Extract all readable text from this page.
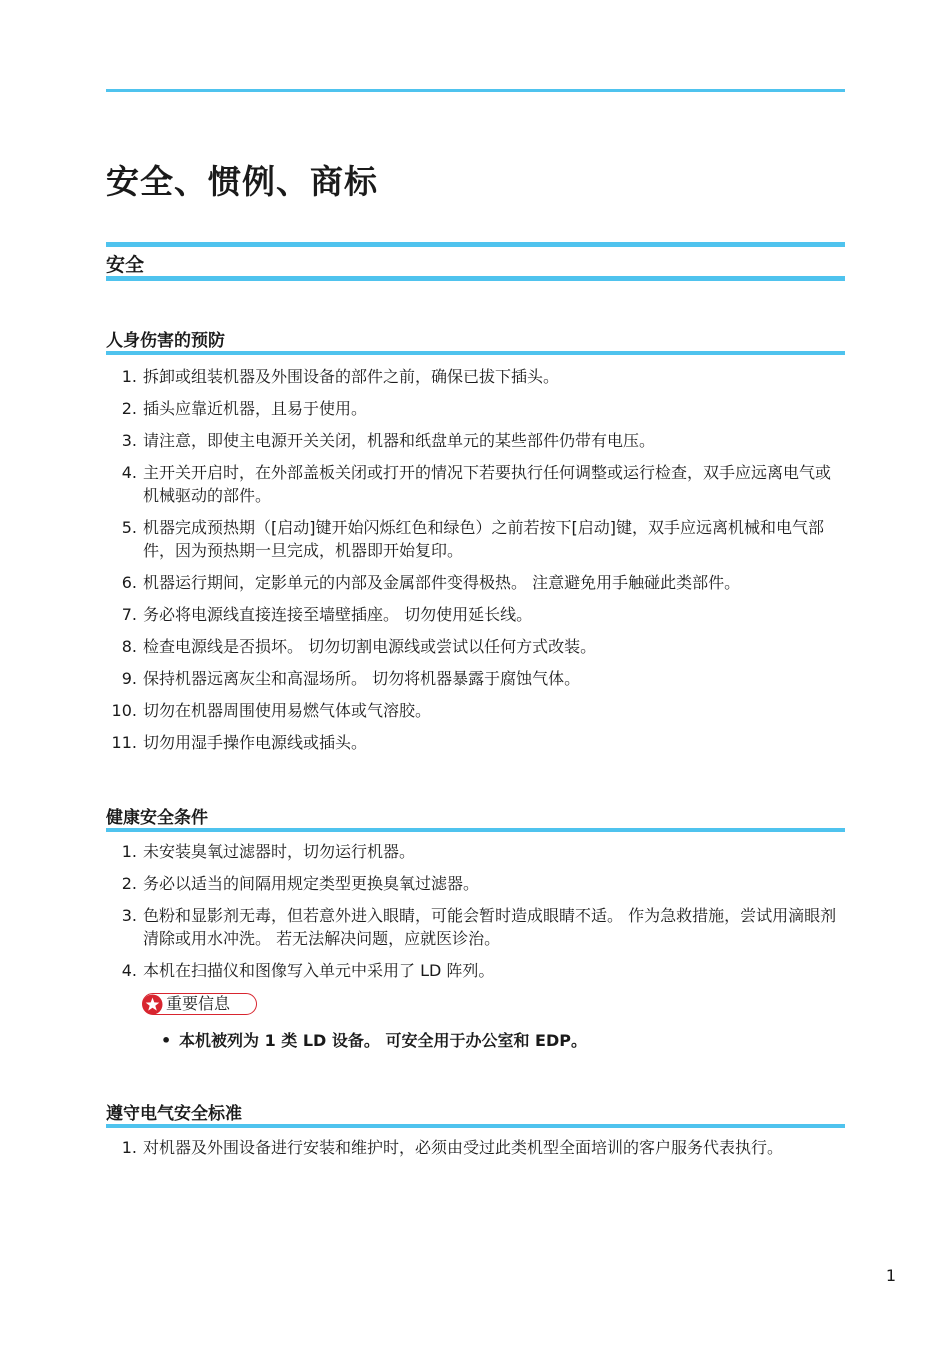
安全、惯例、商标
安全
人身伤害的预防
1. 拆卸或组装机器及外围设备的部件之前，确保已拔下插头。
2. 插头应靠近机器，且易于使用。
3. 请注意，即使主电源开关关闭，机器和纸盘单元的某些部件仍带有电压。
4. 主开关开启时，在外部盖板关闭或打开的情况下若要执行任何调整或运行检查，双手应远离电气或机械驱动的部件。
5. 机器完成预热期（[启动]键开始闪烁红色和绿色）之前若按下[启动]键，双手应远离机械和电气部件，因为预热期一旦完成，机器即开始复印。
6. 机器运行期间，定影单元的内部及金属部件变得极热。 注意避免用手触碰此类部件。
7. 务必将电源线直接连接至墙壁插座。 切勿使用延长线。
8. 检查电源线是否损坏。 切勿切割电源线或尝试以任何方式改装。
9. 保持机器远离灰尘和高湿场所。 切勿将机器暴露于腐蚀气体。
10. 切勿在机器周围使用易燃气体或气溶胶。
11. 切勿用湿手操作电源线或插头。
健康安全条件
1. 未安装臭氧过滤器时，切勿运行机器。
2. 务必以适当的间隔用规定类型更换臭氧过滤器。
3. 色粉和显影剂无毒，但若意外进入眼睛，可能会暂时造成眼睛不适。 作为急救措施，尝试用滴眼剂清除或用水冲洗。 若无法解决问题，应就医诊治。
4. 本机在扫描仪和图像写入单元中采用了 LD 阵列。
重要信息
• 本机被列为 1 类 LD 设备。 可安全用于办公室和 EDP。
遵守电气安全标准
1. 对机器及外围设备进行安装和维护时，必须由受过此类机型全面培训的客户服务代表执行。
1
